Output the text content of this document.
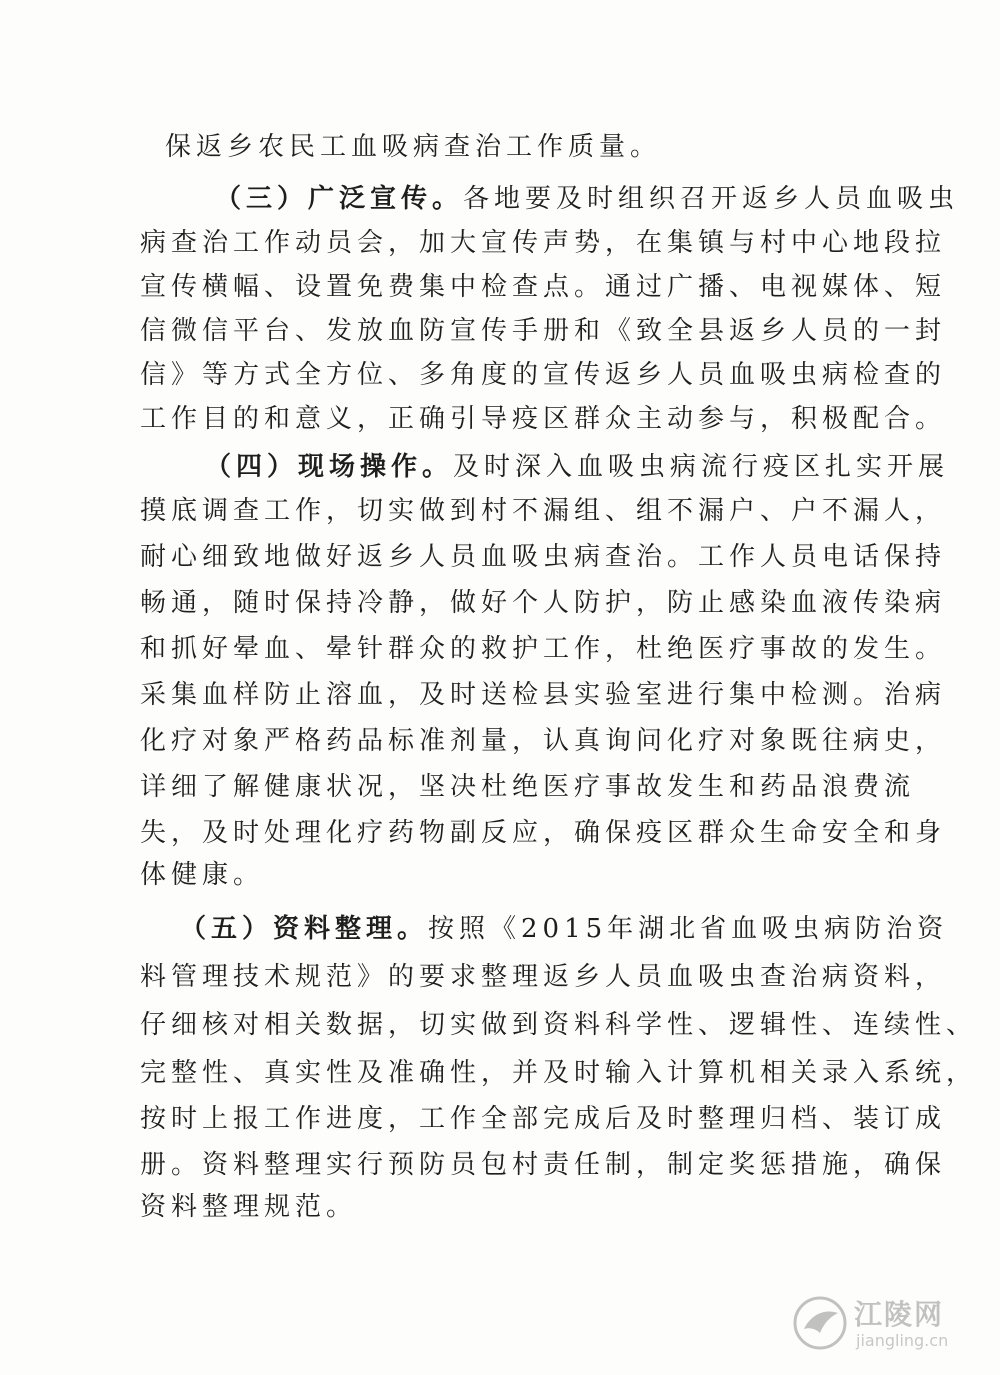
保返乡农民工血吸病查治工作质量。
（三）广泛宣传。各地要及时组织召开返乡人员血吸虫
病查治工作动员会，加大宣传声势，在集镇与村中心地段拉
宣传横幅、设置免费集中检查点。通过广播、电视媒体、短
信微信平台、发放血防宣传手册和《致全县返乡人员的一封
信》等方式全方位、多角度的宣传返乡人员血吸虫病检查的
工作目的和意义，正确引导疫区群众主动参与，积极配合。
（四）现场操作。及时深入血吸虫病流行疫区扎实开展
摸底调查工作，切实做到村不漏组、组不漏户、户不漏人，
耐心细致地做好返乡人员血吸虫病查治。工作人员电话保持
畅通，随时保持冷静，做好个人防护，防止感染血液传染病
和抓好晕血、晕针群众的救护工作，杜绝医疗事故的发生。
采集血样防止溶血，及时送检县实验室进行集中检测。治病
化疗对象严格药品标准剂量，认真询问化疗对象既往病史，
详细了解健康状况，坚决杜绝医疗事故发生和药品浪费流
失，及时处理化疗药物副反应，确保疫区群众生命安全和身
体健康。
（五）资料整理。按照《2015年湖北省血吸虫病防治资
料管理技术规范》的要求整理返乡人员血吸虫查治病资料，
仔细核对相关数据，切实做到资料科学性、逻辑性、连续性、
完整性、真实性及准确性，并及时输入计算机相关录入系统，
按时上报工作进度，工作全部完成后及时整理归档、装订成
册。资料整理实行预防员包村责任制，制定奖惩措施，确保
资料整理规范。
江陵网
jiangling.cn
